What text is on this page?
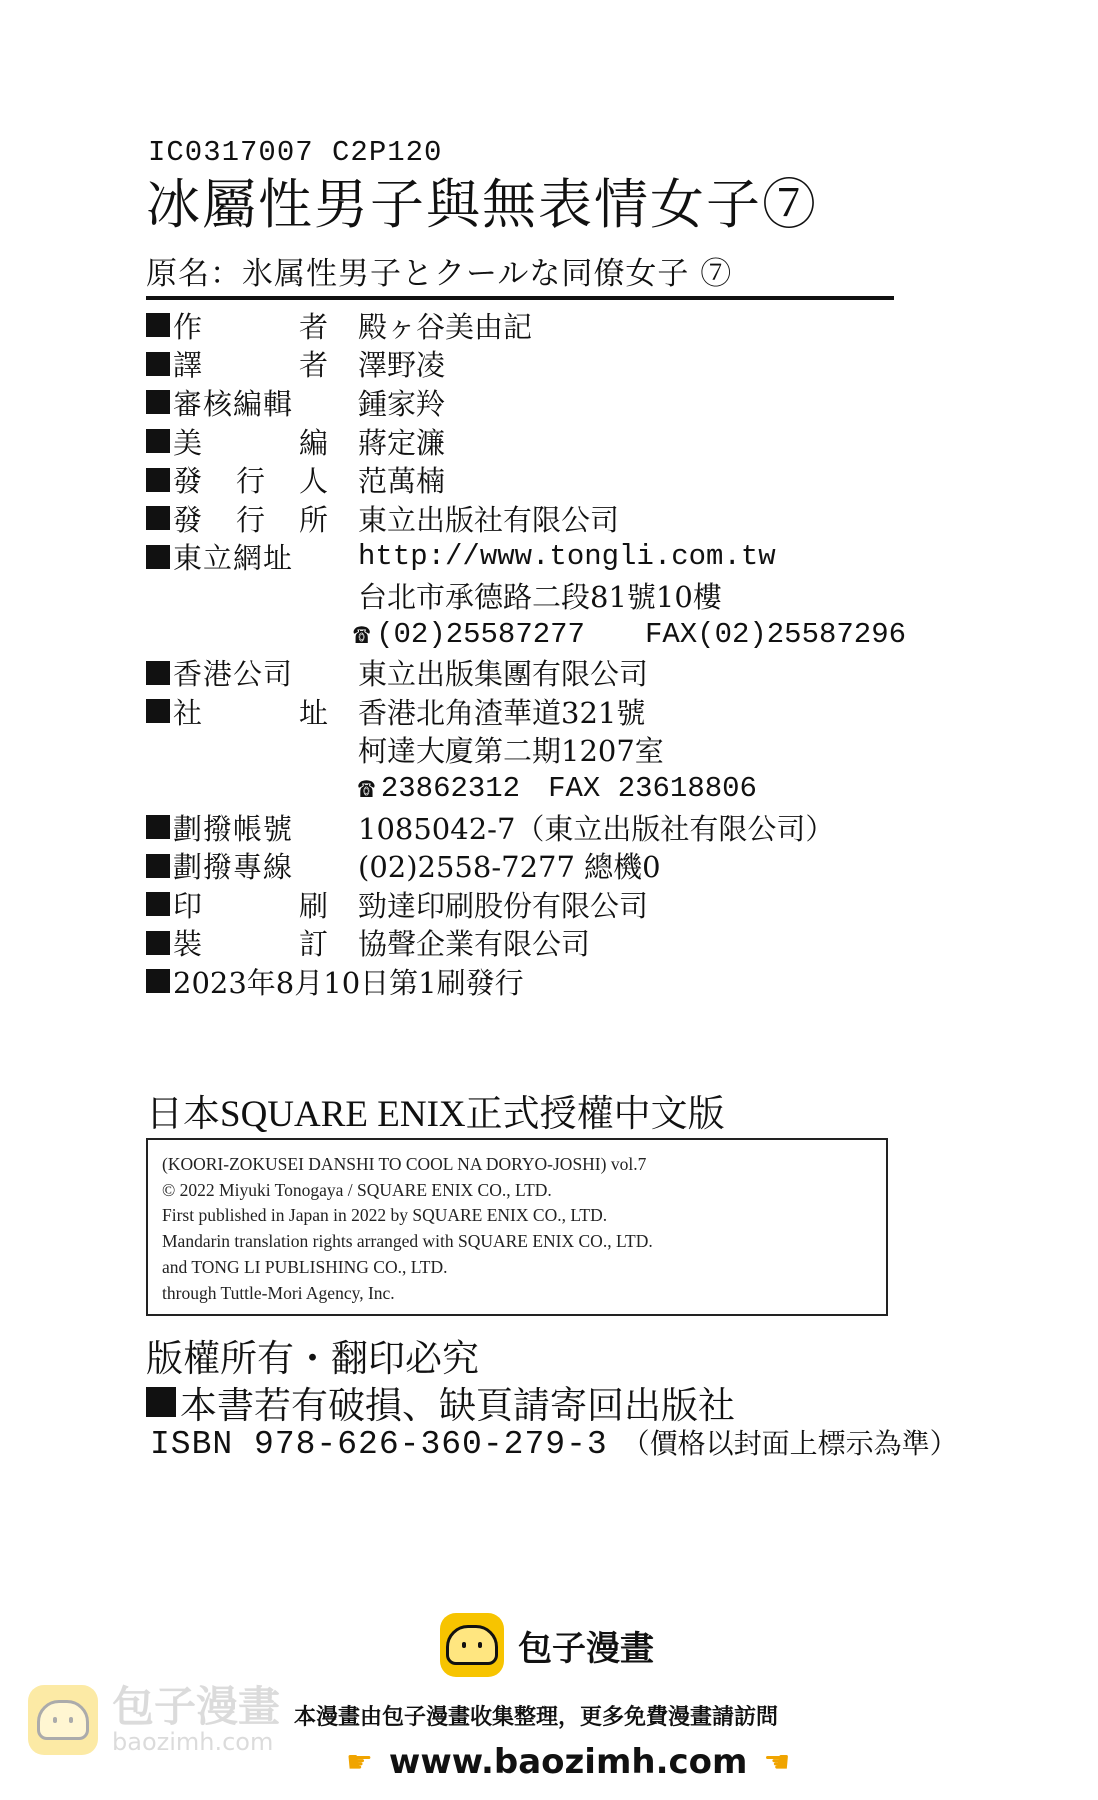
IC0317007 C2P120
冰屬性男子與無表情女子⑦
原名：氷属性男子とクールな同僚女子 ⑦
作	者 殿ヶ谷美由記
譯	者 澤野凌
審核編輯	鍾家羚
美	編 蔣定濂
發 行 人 范萬楠
發 行 所 東立出版社有限公司
東立網址	http://www.tongli.com.tw
台北市承德路二段81號10樓
☎ (02)25587277 FAX(02)25587296
香港公司	東立出版集團有限公司
社	址 香港北角渣華道321號
柯達大廈第二期1207室
☎ 23862312 FAX 23618806
劃撥帳號	1085042-7（東立出版社有限公司）
劃撥專線	(02)2558-7277 總機0
印	刷 勁達印刷股份有限公司
裝	訂 協聲企業有限公司
2023年8月10日第1刷發行
日本SQUARE ENIX正式授權中文版
(KOORI-ZOKUSEI DANSHI TO COOL NA DORYO-JOSHI) vol.7
© 2022 Miyuki Tonogaya / SQUARE ENIX CO., LTD.
First published in Japan in 2022 by SQUARE ENIX CO., LTD.
Mandarin translation rights arranged with SQUARE ENIX CO., LTD.
and TONG LI PUBLISHING CO., LTD.
through Tuttle-Mori Agency, Inc.
版權所有・翻印必究
本書若有破損、缺頁請寄回出版社
ISBN 978-626-360-279-3 （價格以封面上標示為準）
包子漫畫
包子漫畫
baozimh.com
本漫畫由包子漫畫收集整理，更多免費漫畫請訪問
☛ www.baozimh.com ☚
